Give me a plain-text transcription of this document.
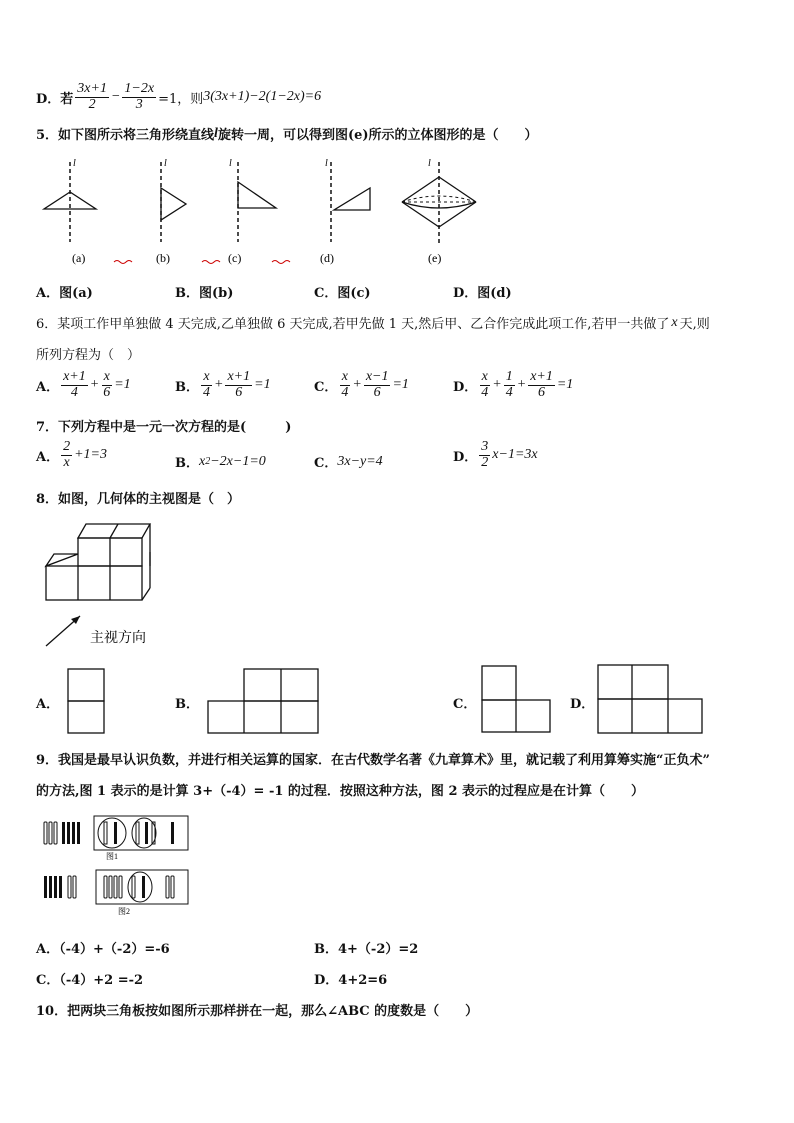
D．若 $\frac{3x+1}{2} - \frac{1-2x}{3} =1$，则 3(3x+1)−2(1−2x)=6
5．如下图所示将三角形绕直线 l 旋转一周，可以得到图(e)所示的立体图形的是（　　）
l	l	l	l	l
(a)	(b)	(c)	(d)	(e)
A．图(a)	B．图(b)	C．图(c)	D．图(d)
6．某项工作甲单独做 4 天完成,乙单独做 6 天完成,若甲先做 1 天,然后甲、乙合作完成此项工作,若甲一共做了 x 天,则
所列方程为（　）
A． $\frac{x+1}{4} + \frac{x}{6} =1$	B． $\frac{x}{4} + \frac{x+1}{6} =1$	C． $\frac{x}{4} + \frac{x-1}{6} =1$	D． $\frac{x}{4} + \frac{1}{4} + \frac{x+1}{6} =1$
7．下列方程中是一元一次方程的是(　　　)
A． $\frac{2}{x} +1=3$
B． x 2 −2x−1=0	C． 3x−y=4	D． $\frac{3}{2} x-1=3x$
8．如图，几何体的主视图是（　）
主视方向
A．	B．	C．	D．
9．我国是最早认识负数，并进行相关运算的国家．在古代数学名著《九章算术》里，就记载了利用算筹实施“正负术”
的方法,图 1 表示的是计算 3+（-4）= -1 的过程．按照这种方法，图 2 表示的过程应是在计算（　　）
图1
图2
A．（-4）+（-2）=-6	B．4+（-2）=2
C．（-4）+2 =-2	D．4+2=6
10．把两块三角板按如图所示那样拼在一起，那么∠ABC 的度数是（　　）
